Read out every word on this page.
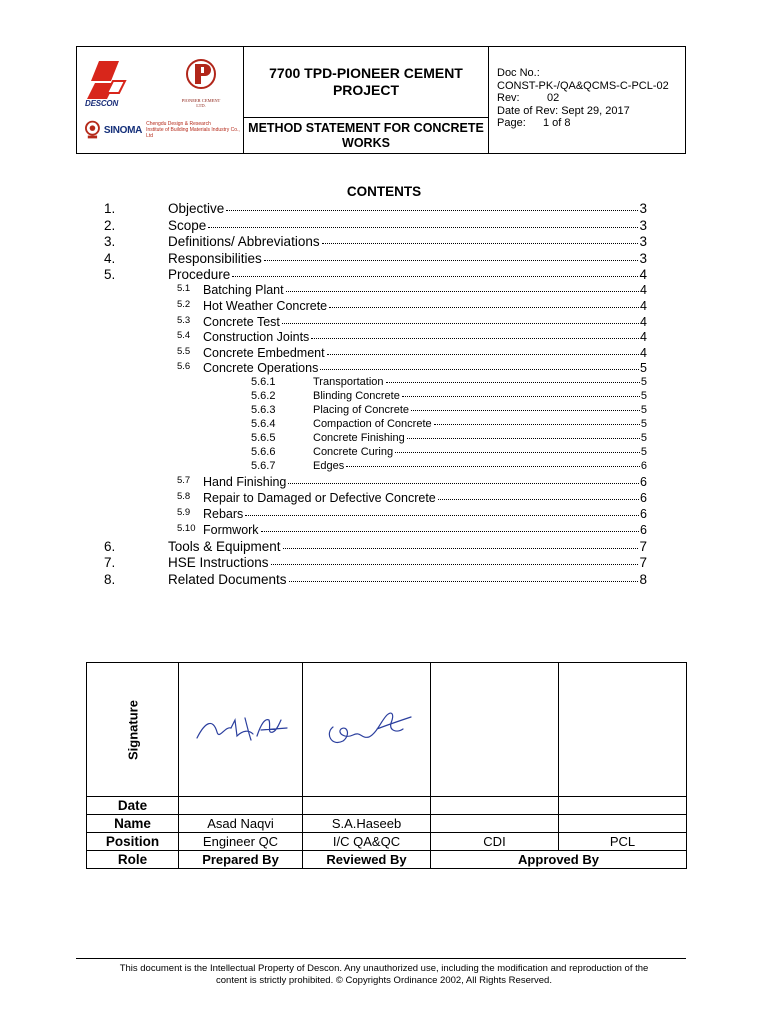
DESCON	PIONEER CEMENT LTD.
SINOMA
Chengdu Design & Research
Institute of Building Materials Industry Co., Ltd
7700 TPD-PIONEER CEMENT PROJECT
METHOD STATEMENT FOR CONCRETE WORKS
Doc No.:
CONST-PK-/QA&QCMS-C-PCL-02
Rev: 02
Date of Rev: Sept 29, 2017
Page: 1 of 8
CONTENTS
1.	Objective	3
2.	Scope	3
3.	Definitions/ Abbreviations	3
4.	Responsibilities	3
5.	Procedure	4
5.1 Batching Plant	4
5.2 Hot Weather Concrete	4
5.3 Concrete Test	4
5.4 Construction Joints	4
5.5 Concrete Embedment	4
5.6 Concrete Operations	5
5.6.1	Transportation	5
5.6.2	Blinding Concrete	5
5.6.3	Placing of Concrete	5
5.6.4	Compaction of Concrete	5
5.6.5	Concrete Finishing	5
5.6.6	Concrete Curing	5
5.6.7	Edges	6
5.7 Hand Finishing	6
5.8 Repair to Damaged or Defective Concrete	6
5.9 Rebars	6
5.10 Formwork	6
6.	Tools & Equipment	7
7.	HSE Instructions	7
8.	Related Documents	8
Signature

Date				
Name	Asad Naqvi	S.A.Haseeb		
Position	Engineer QC	I/C QA&QC	CDI	PCL
Role	Prepared By	Reviewed By	Approved By	
This document is the Intellectual Property of Descon. Any unauthorized use, including the modification and reproduction of the
content is strictly prohibited. © Copyrights Ordinance 2002, All Rights Reserved.
